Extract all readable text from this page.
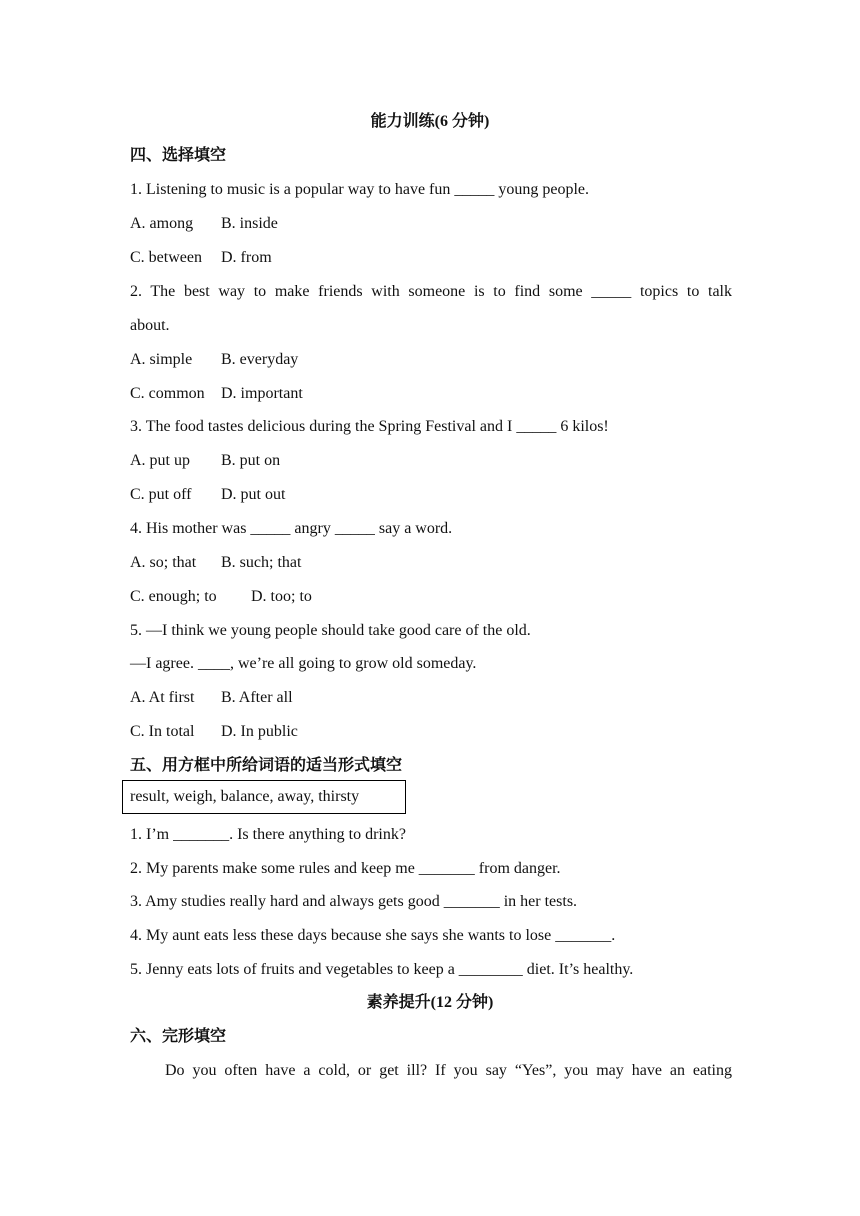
能力训练(6 分钟)
四、选择填空
1. Listening to music is a popular way to have fun _____ young people.
A. among B. inside
C. between D. from
2. The best way to make friends with someone is to find some _____ topics to talk
about.
A. simple B. everyday
C. common D. important
3. The food tastes delicious during the Spring Festival and I _____ 6 kilos!
A. put up B. put on
C. put off D. put out
4. His mother was _____ angry _____ say a word.
A. so; that B. such; that
C. enough; to D. too; to
5. —I think we young people should take good care of the old.
—I agree. ____, we’re all going to grow old someday.
A. At first B. After all
C. In total D. In public
五、用方框中所给词语的适当形式填空
result, weigh, balance, away, thirsty
1. I’m _______. Is there anything to drink?
2. My parents make some rules and keep me _______ from danger.
3. Amy studies really hard and always gets good _______ in her tests.
4. My aunt eats less these days because she says she wants to lose _______.
5. Jenny eats lots of fruits and vegetables to keep a ________ diet. It’s healthy.
素养提升(12 分钟)
六、完形填空
Do you often have a cold, or get ill? If you say “Yes”, you may have an eating
